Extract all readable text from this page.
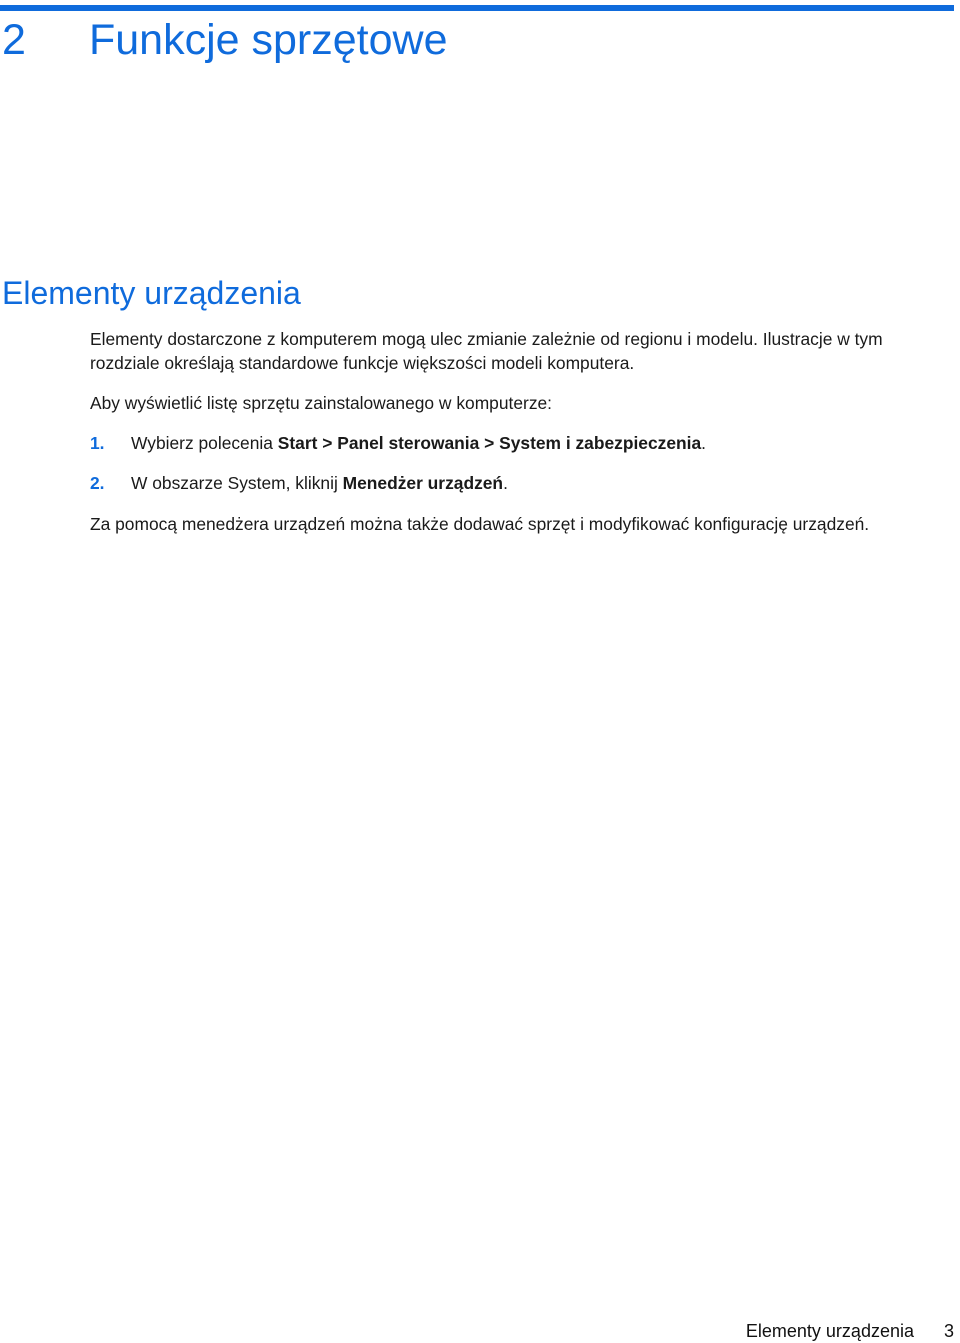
2 Funkcje sprzętowe
Elementy urządzenia

Elementy dostarczone z komputerem mogą ulec zmianie zależnie od regionu i modelu. Ilustracje w tym rozdziale określają standardowe funkcje większości modeli komputera.

Aby wyświetlić listę sprzętu zainstalowanego w komputerze:

1. Wybierz polecenia Start > Panel sterowania > System i zabezpieczenia.
2. W obszarze System, kliknij Menedżer urządzeń.

Za pomocą menedżera urządzeń można także dodawać sprzęt i modyfikować konfigurację urządzeń.

Elementy urządzenia 3
